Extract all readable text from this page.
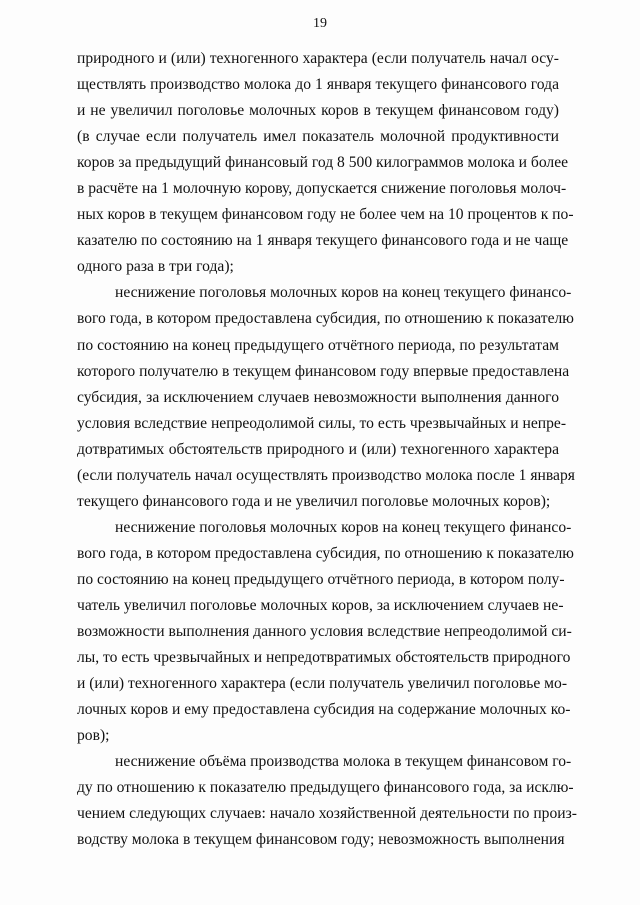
19
природного и (или) техногенного характера (если получатель начал осу-
ществлять производство молока до 1 января текущего финансового года
и не увеличил поголовье молочных коров в текущем финансовом году)
(в случае если получатель имел показатель молочной продуктивности
коров за предыдущий финансовый год 8 500 килограммов молока и более
в расчёте на 1 молочную корову, допускается снижение поголовья молоч-
ных коров в текущем финансовом году не более чем на 10 процентов к по-
казателю по состоянию на 1 января текущего финансового года и не чаще
одного раза в три года);
неснижение поголовья молочных коров на конец текущего финансо-
вого года, в котором предоставлена субсидия, по отношению к показателю
по состоянию на конец предыдущего отчётного периода, по результатам
которого получателю в текущем финансовом году впервые предоставлена
субсидия, за исключением случаев невозможности выполнения данного
условия вследствие непреодолимой силы, то есть чрезвычайных и непре-
дотвратимых обстоятельств природного и (или) техногенного характера
(если получатель начал осуществлять производство молока после 1 января
текущего финансового года и не увеличил поголовье молочных коров);
неснижение поголовья молочных коров на конец текущего финансо-
вого года, в котором предоставлена субсидия, по отношению к показателю
по состоянию на конец предыдущего отчётного периода, в котором полу-
чатель увеличил поголовье молочных коров, за исключением случаев не-
возможности выполнения данного условия вследствие непреодолимой си-
лы, то есть чрезвычайных и непредотвратимых обстоятельств природного
и (или) техногенного характера (если получатель увеличил поголовье мо-
лочных коров и ему предоставлена субсидия на содержание молочных ко-
ров);
неснижение объёма производства молока в текущем финансовом го-
ду по отношению к показателю предыдущего финансового года, за исклю-
чением следующих случаев: начало хозяйственной деятельности по произ-
водству молока в текущем финансовом году; невозможность выполнения
